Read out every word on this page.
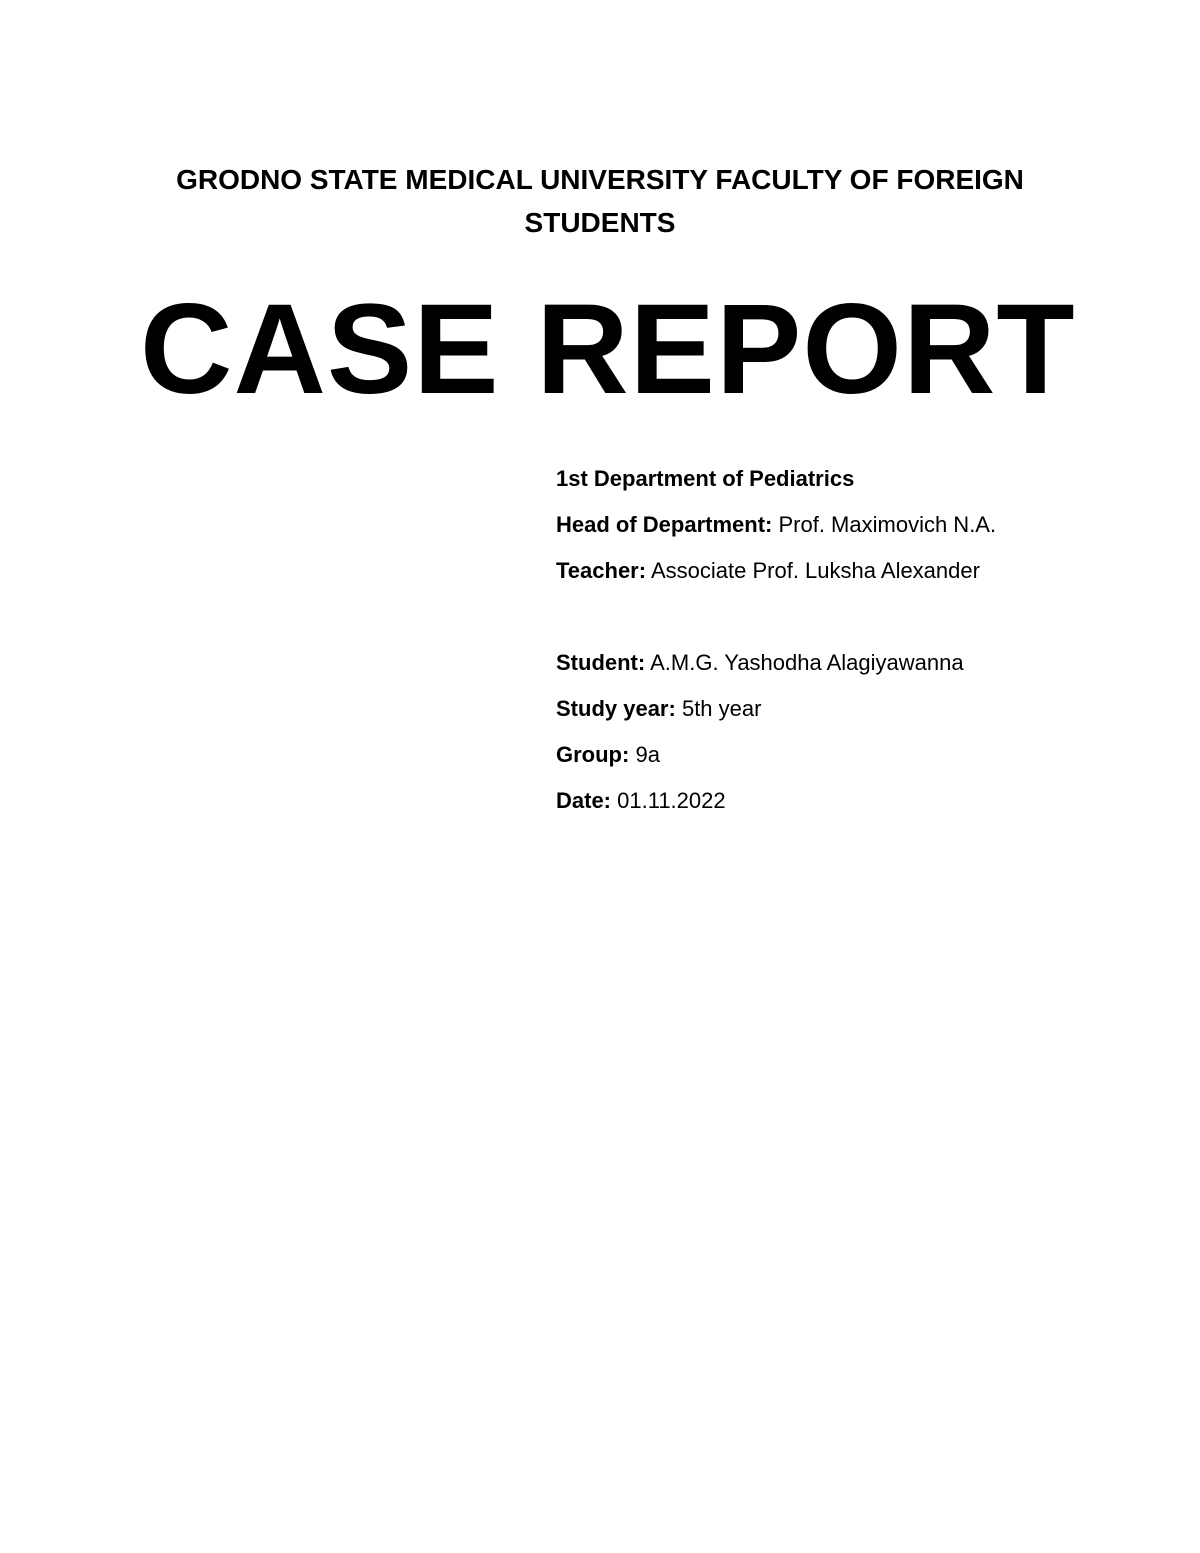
GRODNO STATE MEDICAL UNIVERSITY FACULTY OF FOREIGN
STUDENTS
CASE REPORT
1st Department of Pediatrics
Head of Department: Prof. Maximovich N.A.
Teacher: Associate Prof. Luksha Alexander
Student: A.M.G. Yashodha Alagiyawanna
Study year: 5th year
Group: 9a
Date: 01.11.2022
